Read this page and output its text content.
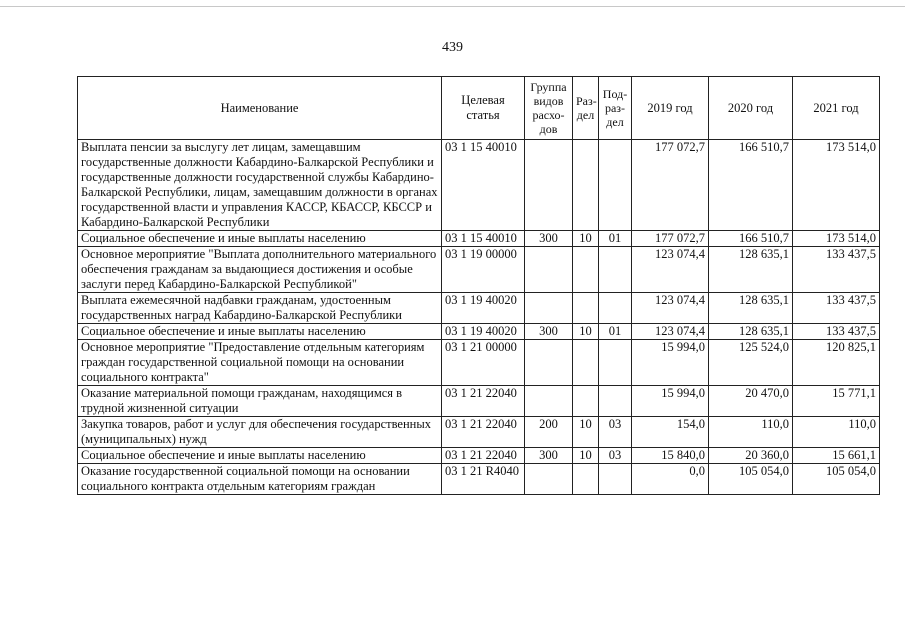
439
Наименование	Целевая статья	Группа видов расхо-дов	Раз-дел	Под-раз-дел	2019 год	2020 год	2021 год
Выплата пенсии за выслугу лет лицам, замещавшим государственные должности Кабардино-Балкарской Республики и государственные должности государственной службы Кабардино-Балкарской Республики, лицам, замещавшим должности в органах государственной власти и управления КАССР, КБАССР, КБССР и Кабардино-Балкарской Республики	03 1 15 40010				177 072,7	166 510,7	173 514,0
Социальное обеспечение и иные выплаты населению	03 1 15 40010	300	10	01	177 072,7	166 510,7	173 514,0
Основное мероприятие "Выплата дополнительного материального обеспечения гражданам за выдающиеся достижения и особые заслуги перед Кабардино-Балкарской Республикой"	03 1 19 00000				123 074,4	128 635,1	133 437,5
Выплата ежемесячной надбавки гражданам, удостоенным государственных наград Кабардино-Балкарской Республики	03 1 19 40020				123 074,4	128 635,1	133 437,5
Социальное обеспечение и иные выплаты населению	03 1 19 40020	300	10	01	123 074,4	128 635,1	133 437,5
Основное мероприятие "Предоставление отдельным категориям граждан государственной социальной помощи на основании социального контракта"	03 1 21 00000				15 994,0	125 524,0	120 825,1
Оказание материальной помощи гражданам, находящимся в трудной жизненной ситуации	03 1 21 22040				15 994,0	20 470,0	15 771,1
Закупка товаров, работ и услуг для обеспечения государственных (муниципальных) нужд	03 1 21 22040	200	10	03	154,0	110,0	110,0
Социальное обеспечение и иные выплаты населению	03 1 21 22040	300	10	03	15 840,0	20 360,0	15 661,1
Оказание государственной социальной помощи на основании социального контракта отдельным категориям граждан	03 1 21 R4040				0,0	105 054,0	105 054,0
